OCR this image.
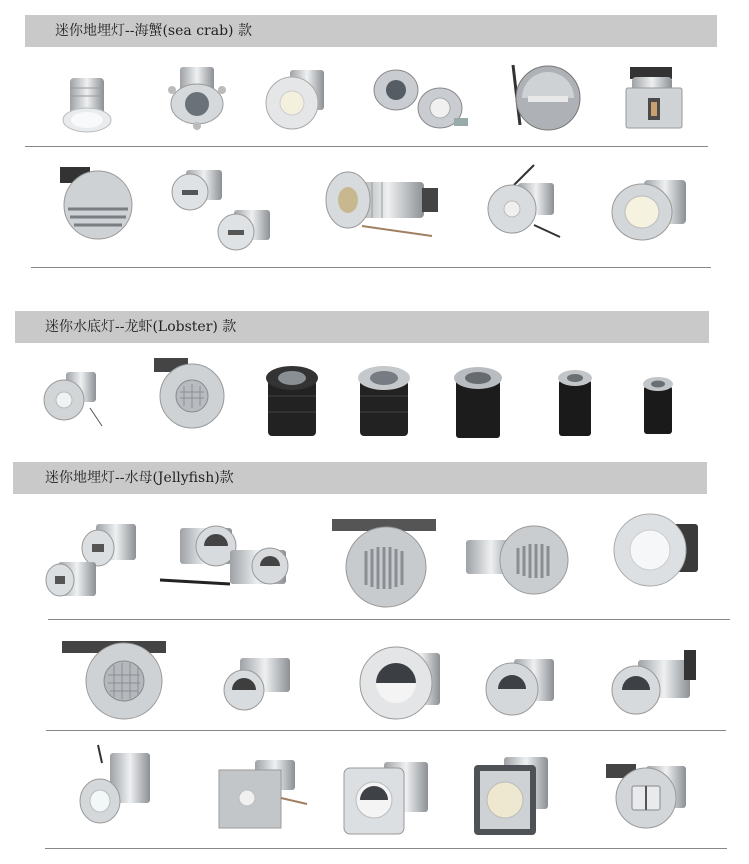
迷你地埋灯--海蟹(sea crab) 款
迷你水底灯--龙虾(Lobster) 款
迷你地埋灯--水母(Jellyfish)款
